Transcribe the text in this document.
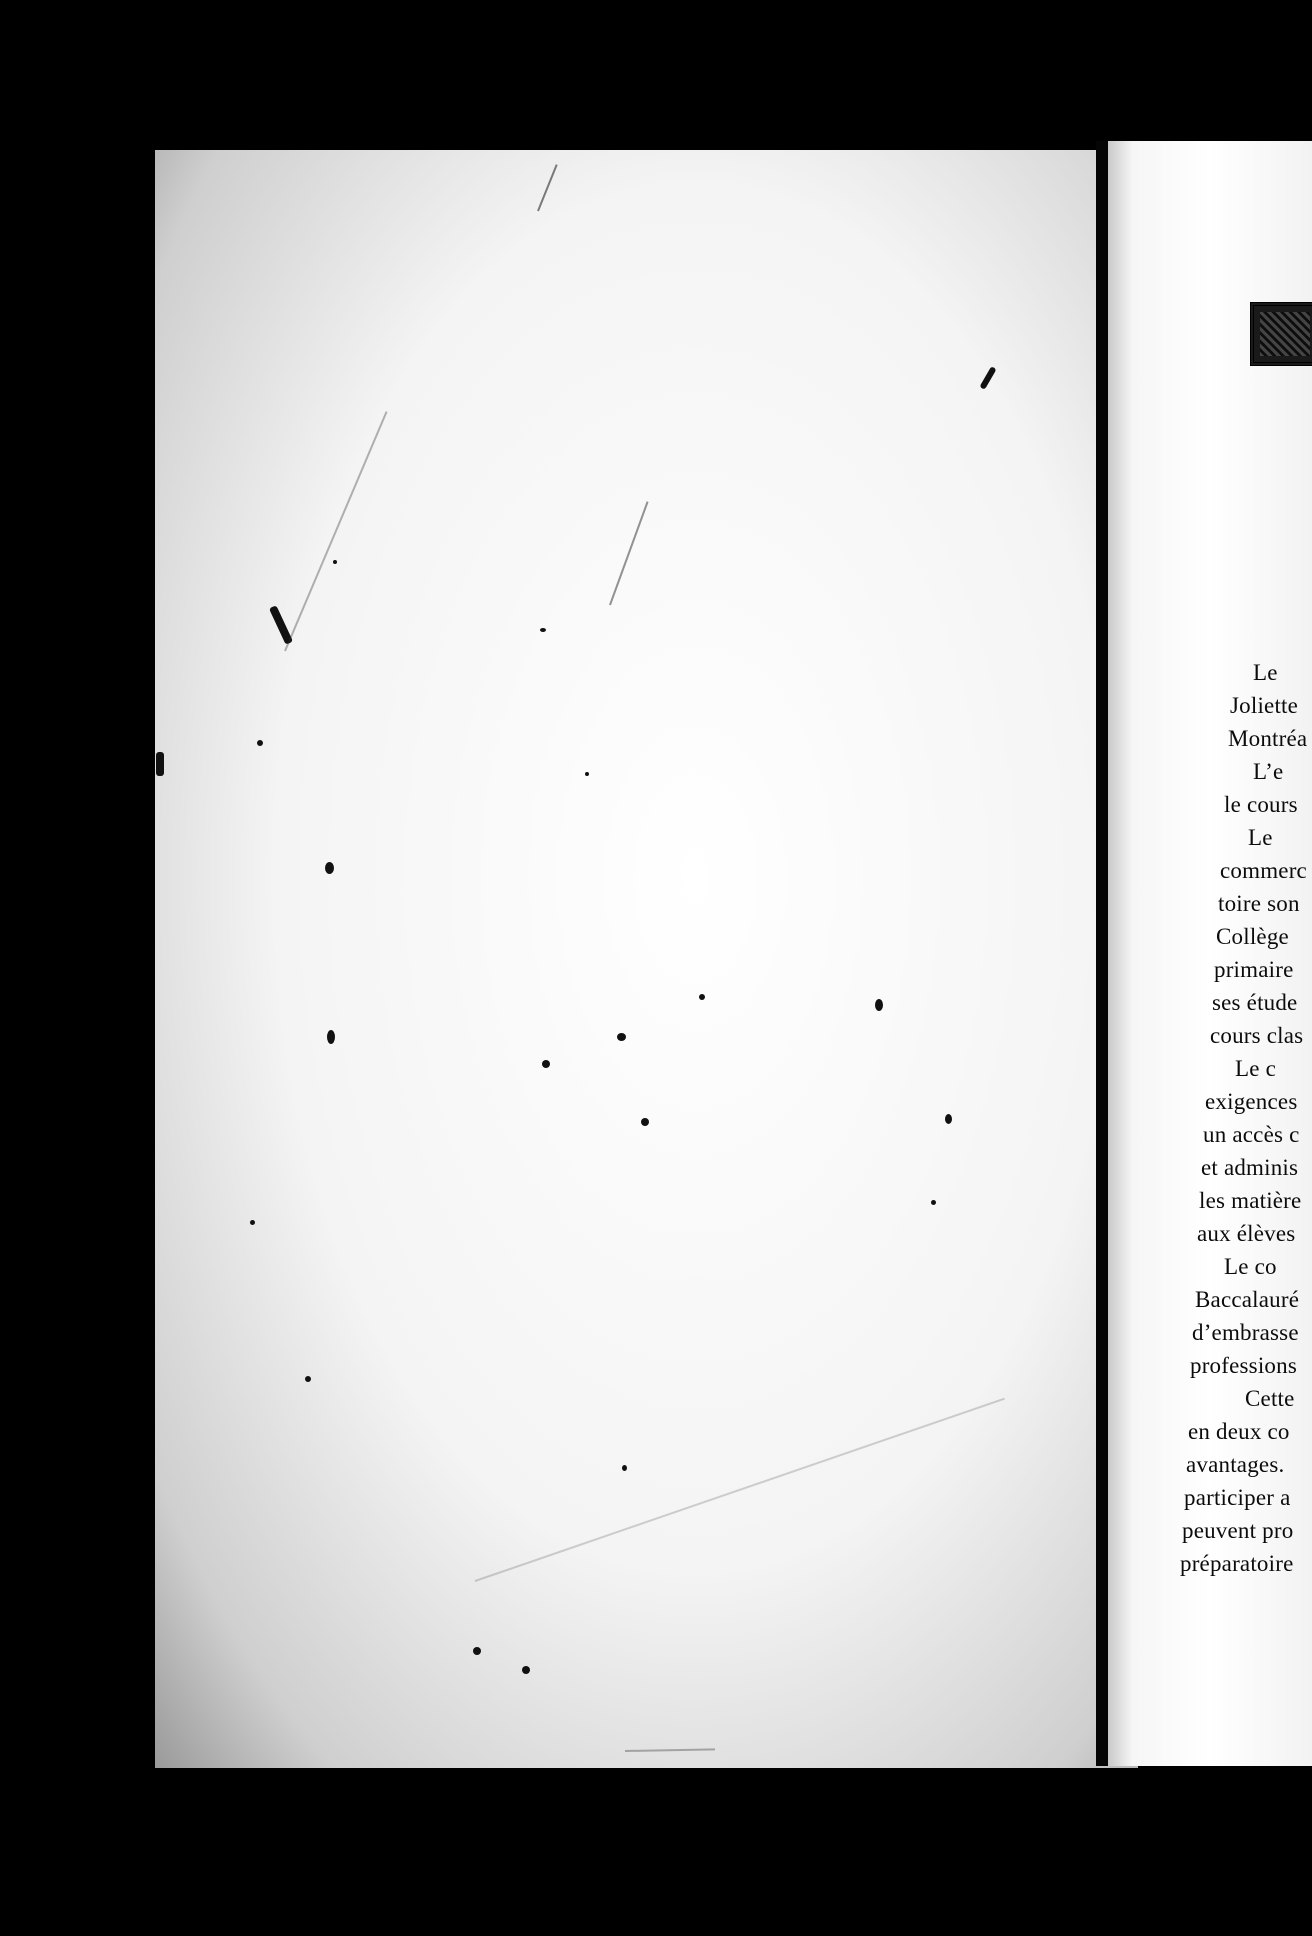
Le
Joliette
Montréa
L’e
le cours
Le
commerc
toire son
Collège
primaire
ses étude
cours clas
Le c
exigences
un accès c
et adminis
les matière
aux élèves
Le co
Baccalauré
d’embrasse
professions
Cette
en deux co
avantages.
participer a
peuvent pro
préparatoire
